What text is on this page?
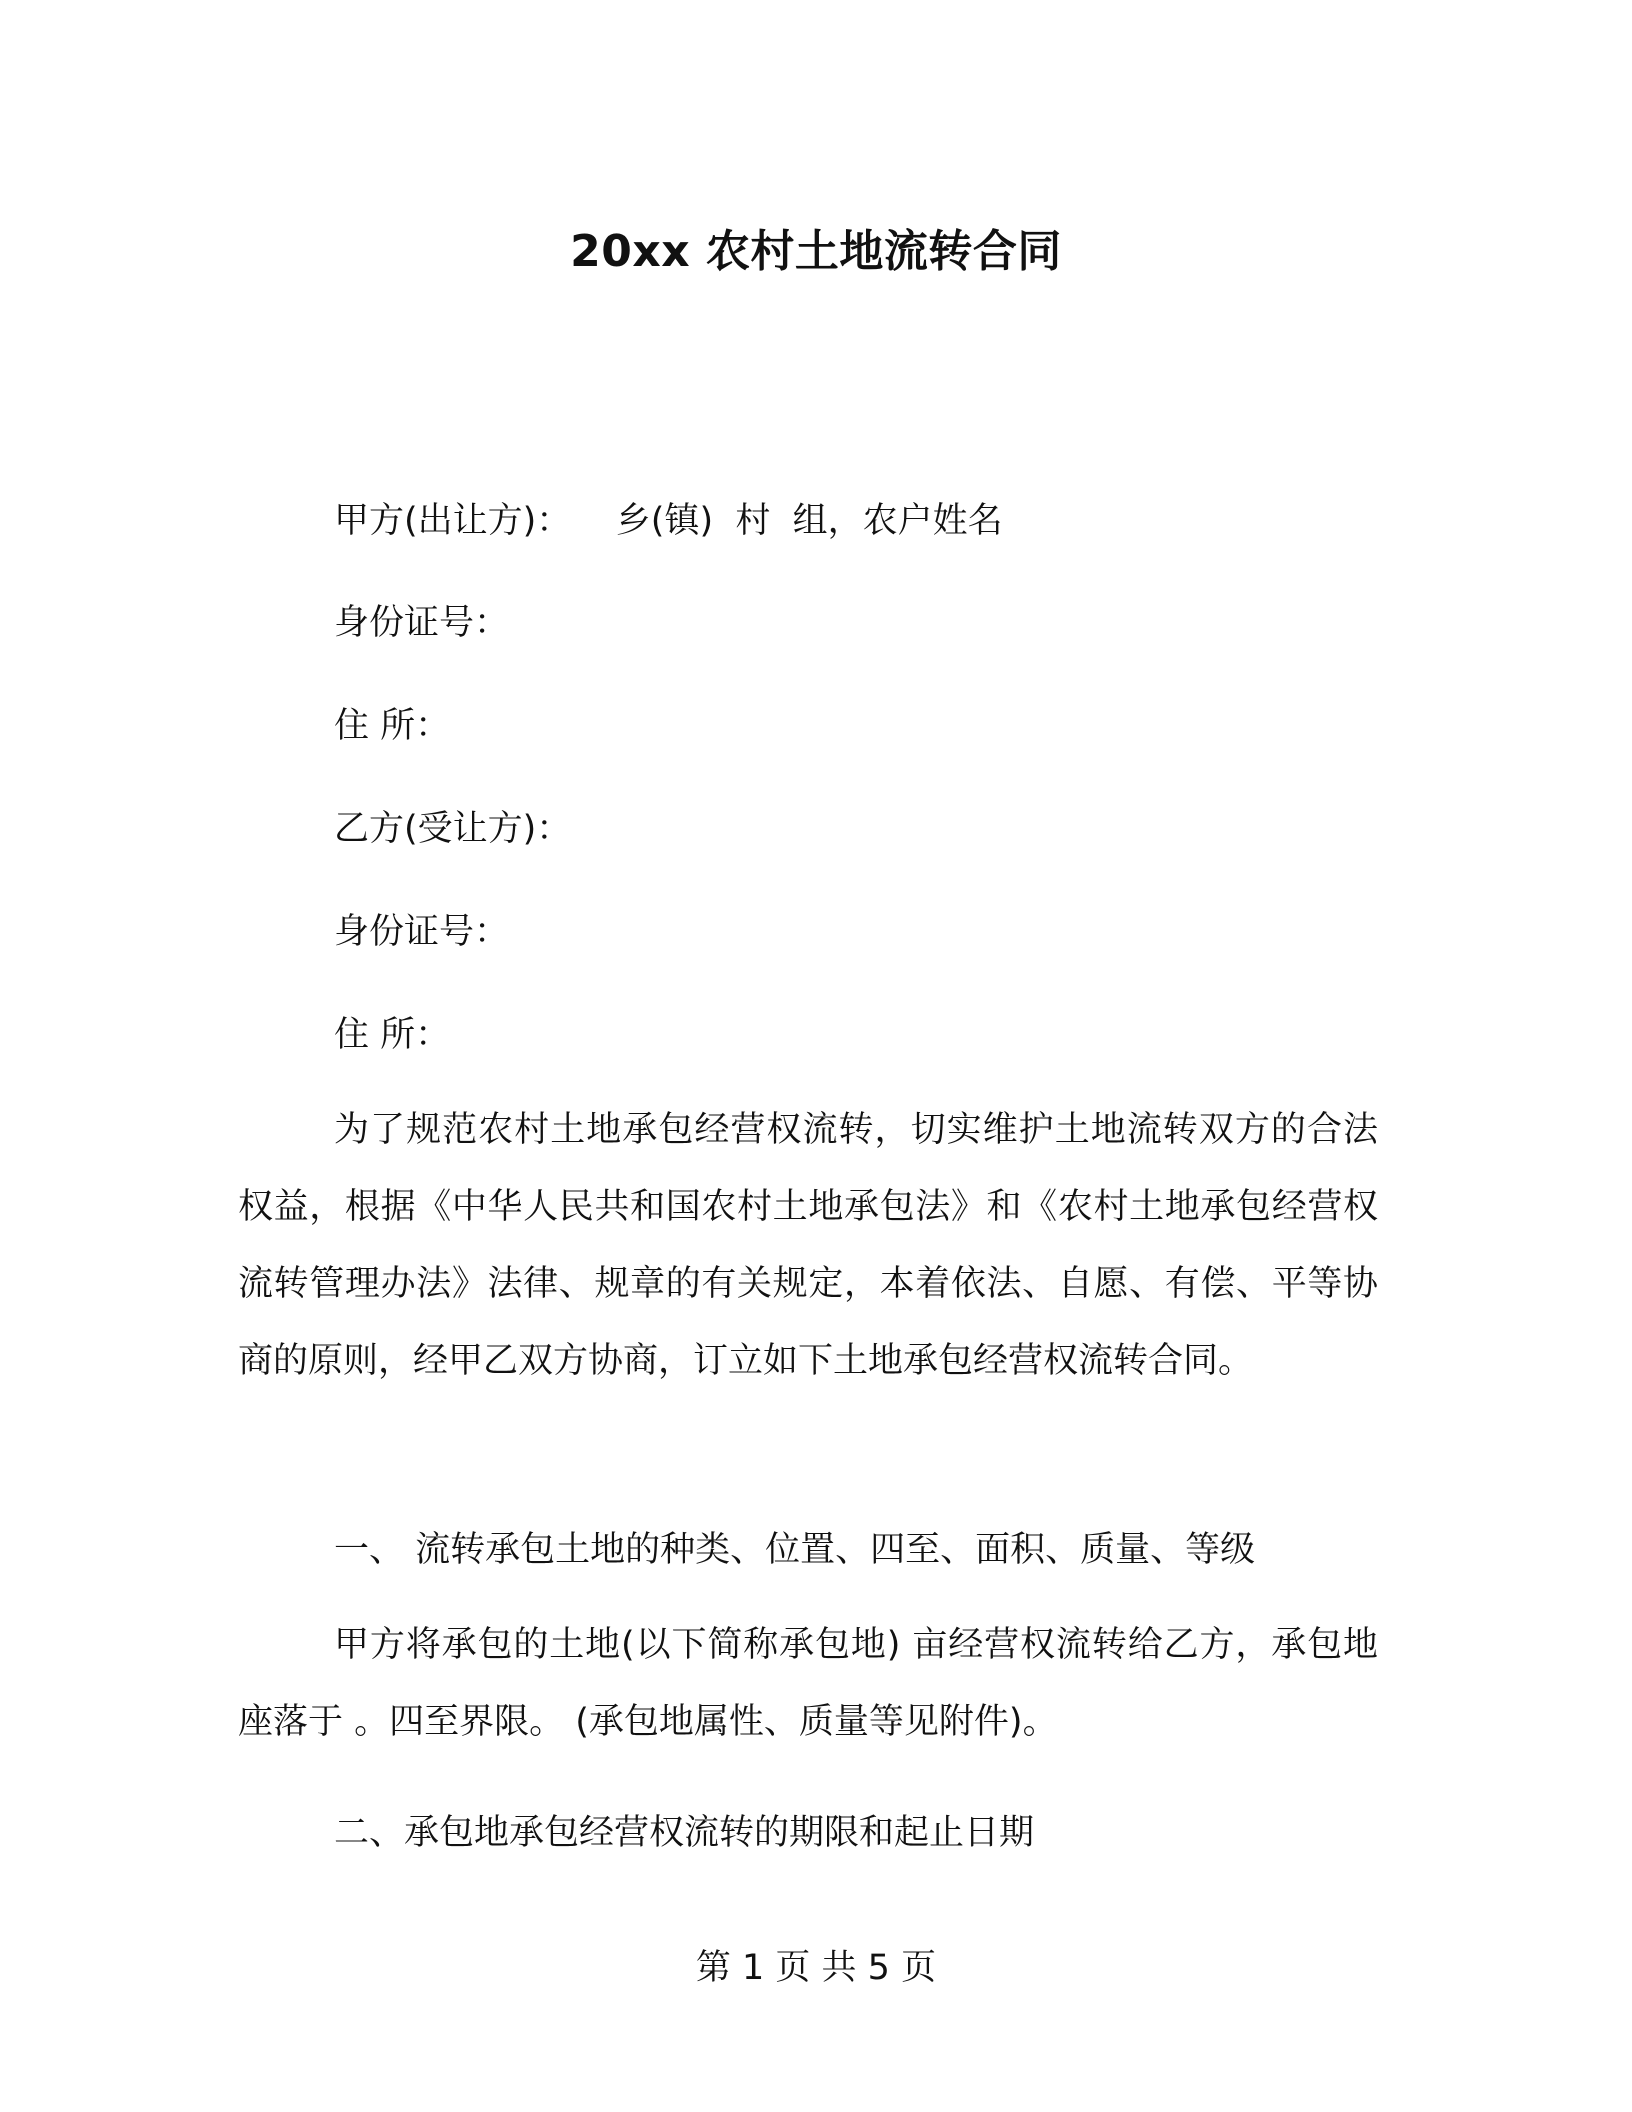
20xx 农村土地流转合同
甲方(出让方)：    乡(镇)  村  组，农户姓名
身份证号：
住 所：
乙方(受让方)：
身份证号：
住 所：

为了规范农村土地承包经营权流转，切实维护土地流转双方的合法权益，根据《中华人民共和国农村土地承包法》和《农村土地承包经营权流转管理办法》法律、规章的有关规定，本着依法、自愿、有偿、平等协商的原则，经甲乙双方协商，订立如下土地承包经营权流转合同。

一、 流转承包土地的种类、位置、四至、面积、质量、等级

甲方将承包的土地(以下简称承包地) 亩经营权流转给乙方，承包地座落于 。四至界限。 (承包地属性、质量等见附件)。

二、承包地承包经营权流转的期限和起止日期
第 1 页 共 5 页
